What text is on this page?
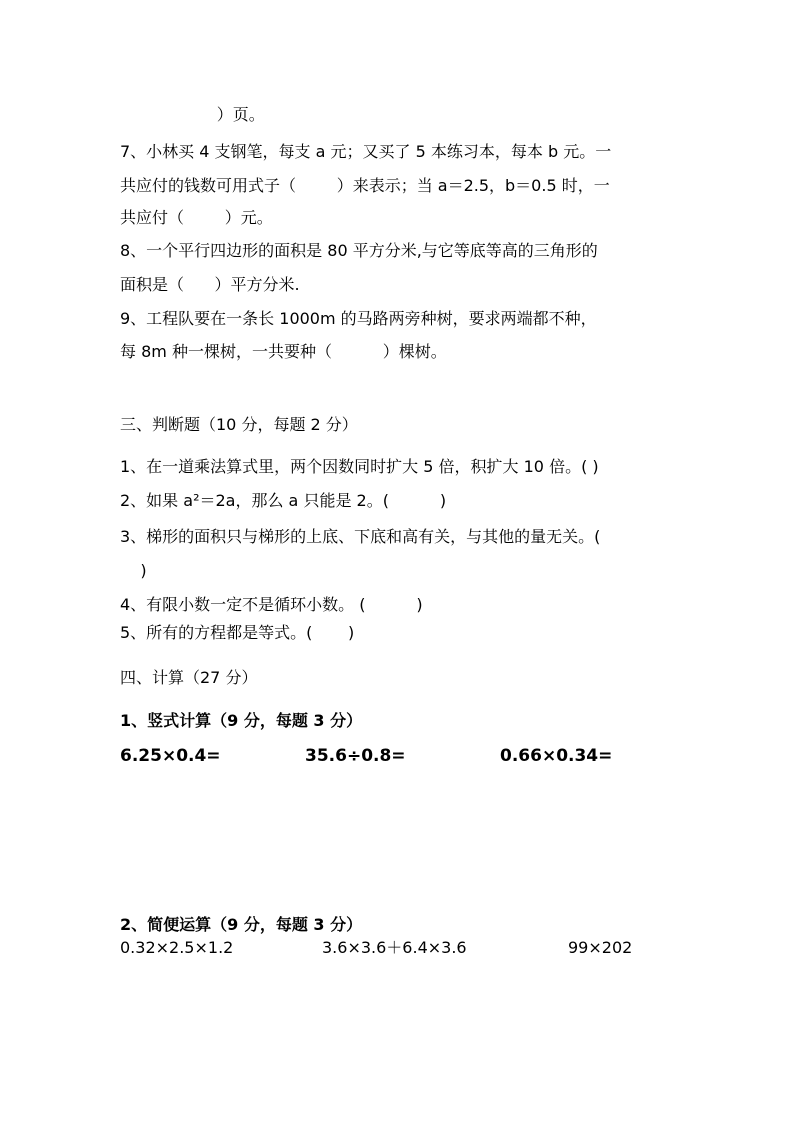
）页。
7、小林买 4 支钢笔，每支 a 元；又买了 5 本练习本，每本 b 元。一
共应付的钱数可用式子（        ）来表示；当 a＝2.5，b＝0.5 时，一
共应付（        ）元。
8、一个平行四边形的面积是 80 平方分米,与它等底等高的三角形的
面积是（      ）平方分米.
9、工程队要在一条长 1000m 的马路两旁种树，要求两端都不种，
每 8m 种一棵树，一共要种（          ）棵树。
三、判断题（10 分，每题 2 分）
1、在一道乘法算式里，两个因数同时扩大 5 倍，积扩大 10 倍。( )
2、如果 a²＝2a，那么 a 只能是 2。(          )
3、梯形的面积只与梯形的上底、下底和高有关，与其他的量无关。(
)
4、有限小数一定不是循环小数。 (          )
5、所有的方程都是等式。(       )
四、计算（27 分）
1、竖式计算（9 分，每题 3 分）
6.25×0.4=	35.6÷0.8=	0.66×0.34=
2、简便运算（9 分，每题 3 分）
0.32×2.5×1.2	3.6×3.6＋6.4×3.6	99×202
